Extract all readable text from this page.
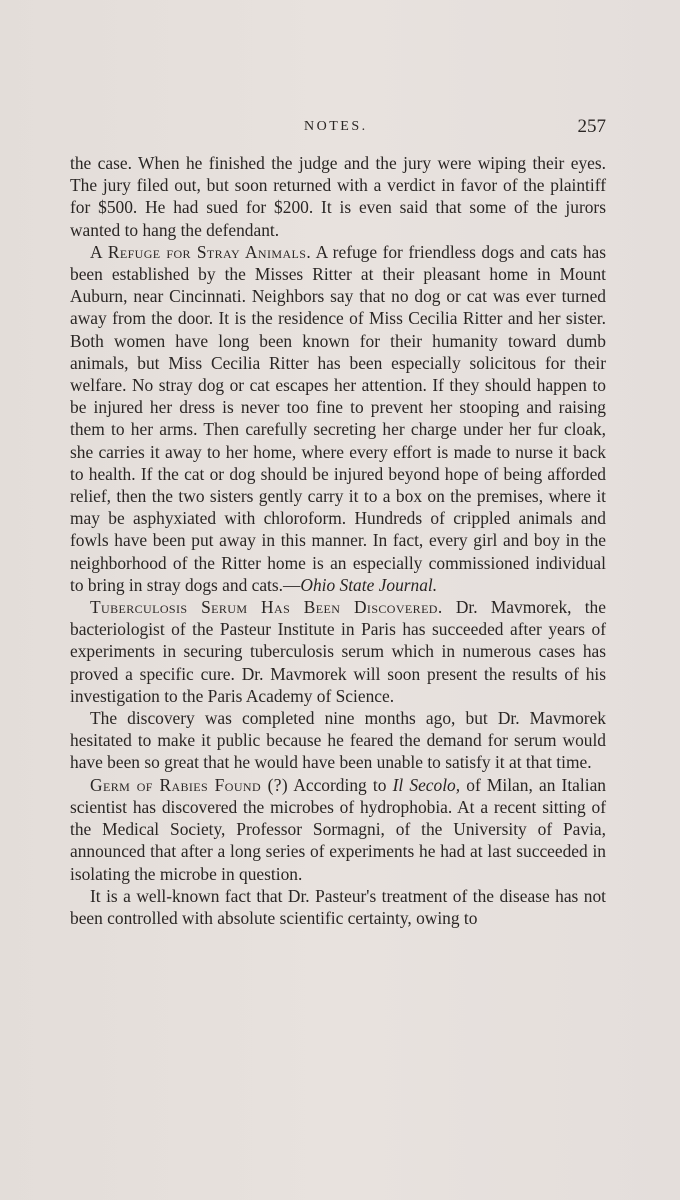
NOTES.	257

the case. When he finished the judge and the jury were wiping their eyes. The jury filed out, but soon returned with a verdict in favor of the plaintiff for $500. He had sued for $200. It is even said that some of the jurors wanted to hang the defendant.

A Refuge for Stray Animals. A refuge for friendless dogs and cats has been established by the Misses Ritter at their pleasant home in Mount Auburn, near Cincinnati. Neighbors say that no dog or cat was ever turned away from the door. It is the residence of Miss Cecilia Ritter and her sister. Both women have long been known for their humanity toward dumb animals, but Miss Cecilia Ritter has been especially solicitous for their welfare. No stray dog or cat escapes her attention. If they should happen to be injured her dress is never too fine to prevent her stooping and raising them to her arms. Then carefully secreting her charge under her fur cloak, she carries it away to her home, where every effort is made to nurse it back to health. If the cat or dog should be injured beyond hope of being afforded relief, then the two sisters gently carry it to a box on the premises, where it may be asphyxiated with chloroform. Hundreds of crippled animals and fowls have been put away in this manner. In fact, every girl and boy in the neighborhood of the Ritter home is an especially commissioned individual to bring in stray dogs and cats.—Ohio State Journal.

Tuberculosis Serum Has Been Discovered. Dr. Mavmorek, the bacteriologist of the Pasteur Institute in Paris has succeeded after years of experiments in securing tuberculosis serum which in numerous cases has proved a specific cure. Dr. Mavmorek will soon present the results of his investigation to the Paris Academy of Science.

The discovery was completed nine months ago, but Dr. Mavmorek hesitated to make it public because he feared the demand for serum would have been so great that he would have been unable to satisfy it at that time.

Germ of Rabies Found (?) According to Il Secolo, of Milan, an Italian scientist has discovered the microbes of hydrophobia. At a recent sitting of the Medical Society, Professor Sormagni, of the University of Pavia, announced that after a long series of experiments he had at last succeeded in isolating the microbe in question.

It is a well-known fact that Dr. Pasteur's treatment of the disease has not been controlled with absolute scientific certainty, owing to
